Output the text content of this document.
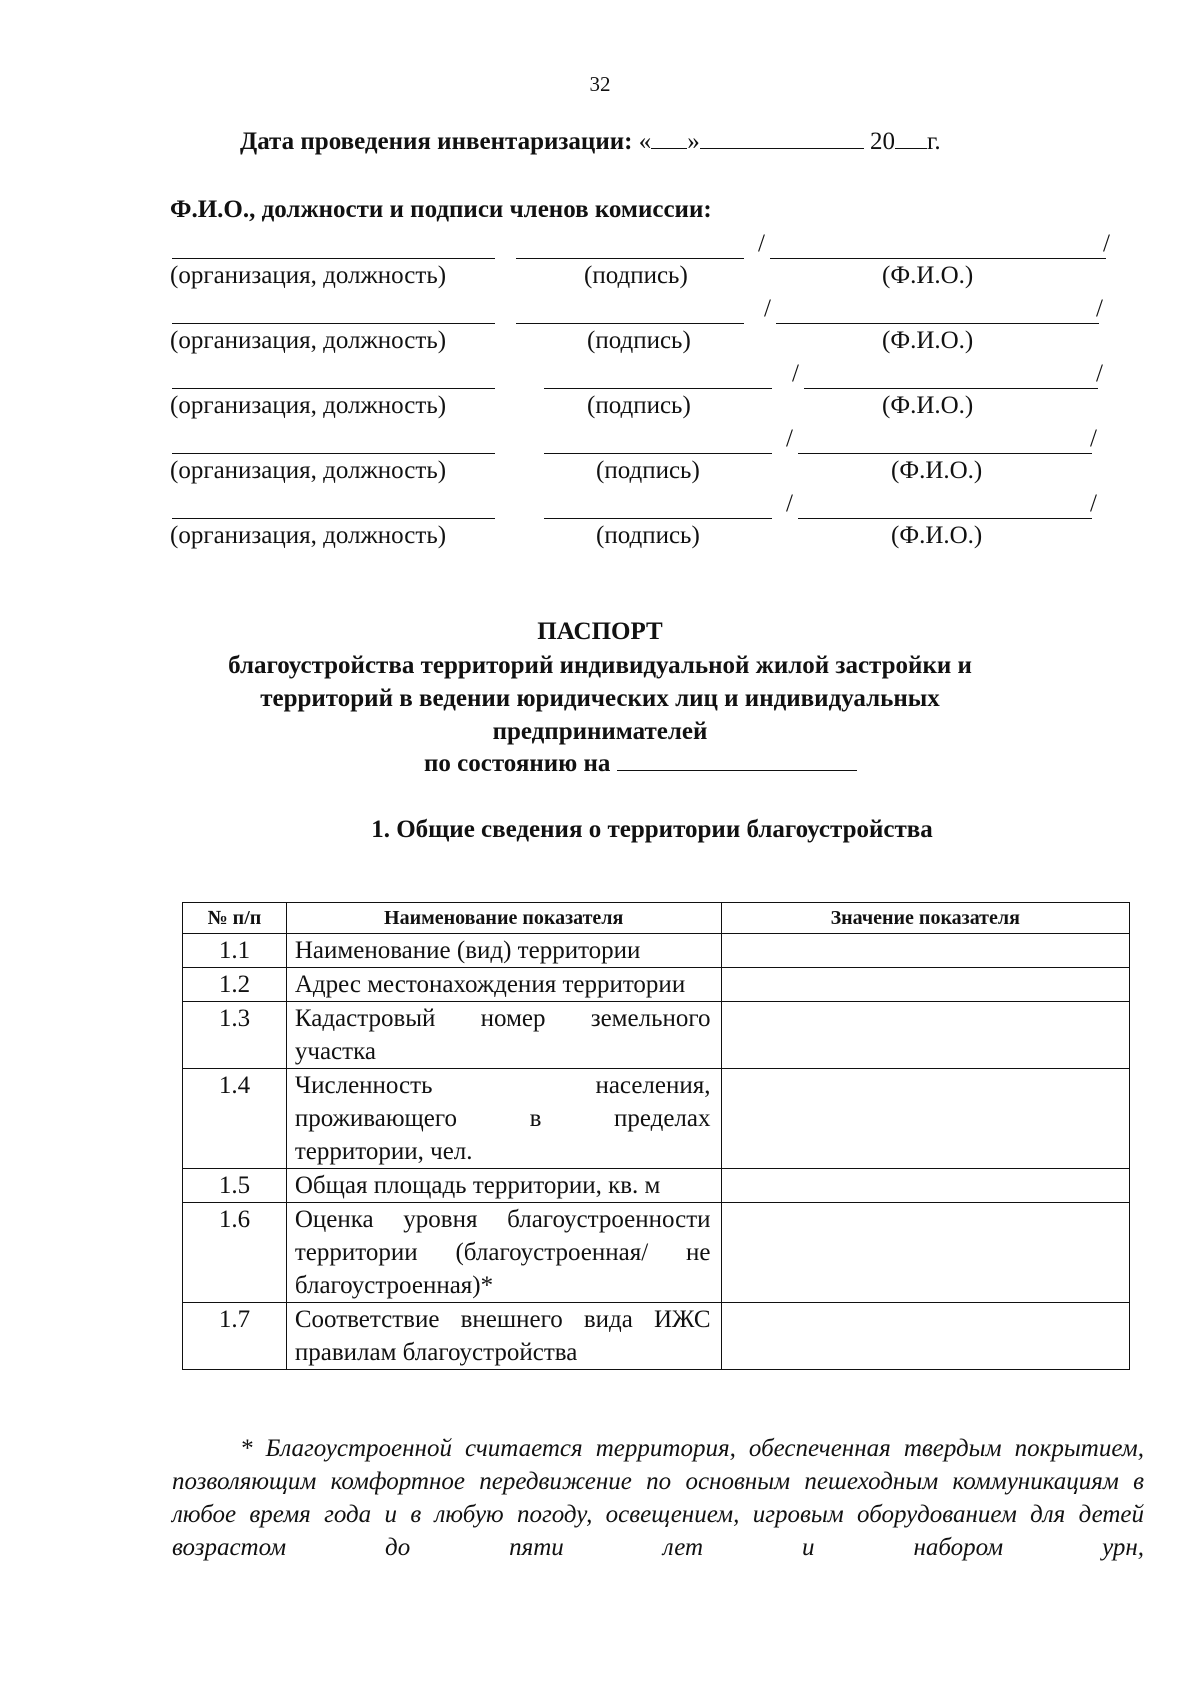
32
Дата проведения инвентаризации: « »	20 г.
Ф.И.О., должности и подписи членов комиссии:
/	/
(организация, должность)	(подпись)	(Ф.И.О.)
/	/
(организация, должность)	(подпись)	(Ф.И.О.)
/	/
(организация, должность)	(подпись)	(Ф.И.О.)
/	/
(организация, должность)	(подпись)	(Ф.И.О.)
/	/
(организация, должность)	(подпись)	(Ф.И.О.)
ПАСПОРТ
благоустройства территорий индивидуальной жилой застройки и
территорий в ведении юридических лиц и индивидуальных
предпринимателей
по состоянию на
1. Общие сведения о территории благоустройства
№ п/п	Наименование показателя	Значение показателя
1.1	Наименование (вид) территории	
1.2	Адрес местонахождения территории	
1.3	Кадастровый номер земельного участка	
1.4	Численность населения, проживающего в пределах территории, чел.	
1.5	Общая площадь территории, кв. м	
1.6	Оценка уровня благоустроенности территории (благоустроенная/ не благоустроенная)*	
1.7	Соответствие внешнего вида ИЖС правилам благоустройства	
* Благоустроенной считается территория, обеспеченная твердым покрытием, позволяющим комфортное передвижение по основным пешеходным коммуникациям в любое время года и в любую погоду, освещением, игровым оборудованием для детей возрастом до пяти лет и набором урн,
